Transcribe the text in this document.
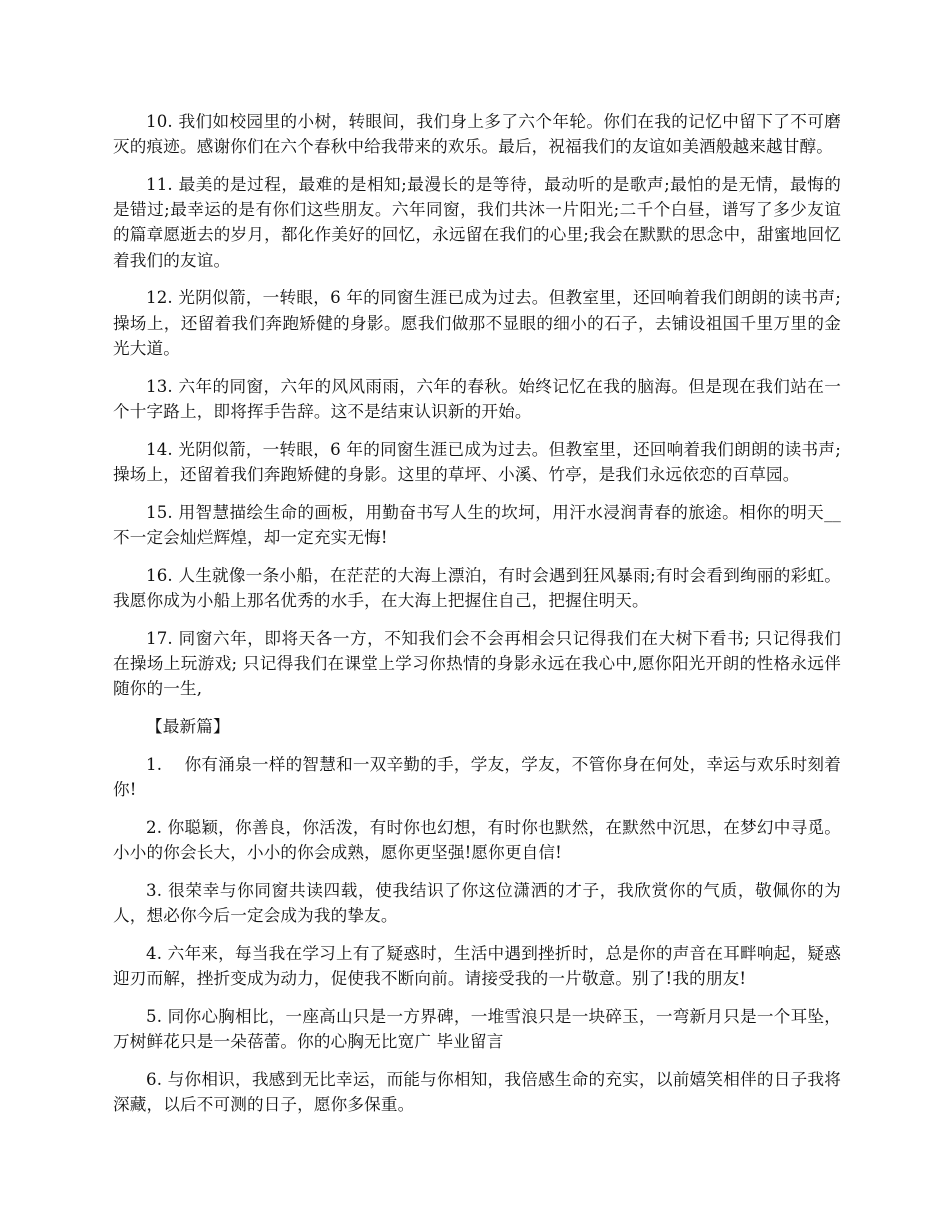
10. 我们如校园里的小树，转眼间，我们身上多了六个年轮。你们在我的记忆中留下了不可磨灭的痕迹。感谢你们在六个春秋中给我带来的欢乐。最后，祝福我们的友谊如美酒般越来越甘醇。

11. 最美的是过程，最难的是相知;最漫长的是等待，最动听的是歌声;最怕的是无情，最悔的是错过;最幸运的是有你们这些朋友。六年同窗，我们共沐一片阳光;二千个白昼，谱写了多少友谊的篇章愿逝去的岁月，都化作美好的回忆，永远留在我们的心里;我会在默默的思念中，甜蜜地回忆着我们的友谊。

12. 光阴似箭，一转眼，6 年的同窗生涯已成为过去。但教室里，还回响着我们朗朗的读书声;操场上，还留着我们奔跑矫健的身影。愿我们做那不显眼的细小的石子，去铺设祖国千里万里的金光大道。

13. 六年的同窗，六年的风风雨雨，六年的春秋。始终记忆在我的脑海。但是现在我们站在一个十字路上，即将挥手告辞。这不是结束认识新的开始。

14. 光阴似箭，一转眼，6 年的同窗生涯已成为过去。但教室里，还回响着我们朗朗的读书声;操场上，还留着我们奔跑矫健的身影。这里的草坪、小溪、竹亭，是我们永远依恋的百草园。

15. 用智慧描绘生命的画板，用勤奋书写人生的坎坷，用汗水浸润青春的旅途。相你的明天__不一定会灿烂辉煌，却一定充实无悔!

16. 人生就像一条小船，在茫茫的大海上漂泊，有时会遇到狂风暴雨;有时会看到绚丽的彩虹。我愿你成为小船上那名优秀的水手，在大海上把握住自己，把握住明天。

17. 同窗六年，即将天各一方，不知我们会不会再相会只记得我们在大树下看书; 只记得我们在操场上玩游戏; 只记得我们在课堂上学习你热情的身影永远在我心中,愿你阳光开朗的性格永远伴随你的一生,

【最新篇】

1.　 你有涌泉一样的智慧和一双辛勤的手，学友，学友，不管你身在何处，幸运与欢乐时刻着你!

2. 你聪颖，你善良，你活泼，有时你也幻想，有时你也默然，在默然中沉思，在梦幻中寻觅。小小的你会长大，小小的你会成熟，愿你更坚强!愿你更自信!

3. 很荣幸与你同窗共读四载，使我结识了你这位潇洒的才子，我欣赏你的气质，敬佩你的为人，想必你今后一定会成为我的挚友。

4. 六年来，每当我在学习上有了疑惑时，生活中遇到挫折时，总是你的声音在耳畔响起，疑惑迎刃而解，挫折变成为动力，促使我不断向前。请接受我的一片敬意。别了!我的朋友!

5. 同你心胸相比，一座高山只是一方界碑，一堆雪浪只是一块碎玉，一弯新月只是一个耳坠，万树鲜花只是一朵蓓蕾。你的心胸无比宽广 毕业留言

6. 与你相识，我感到无比幸运，而能与你相知，我倍感生命的充实，以前嬉笑相伴的日子我将深藏，以后不可测的日子，愿你多保重。
